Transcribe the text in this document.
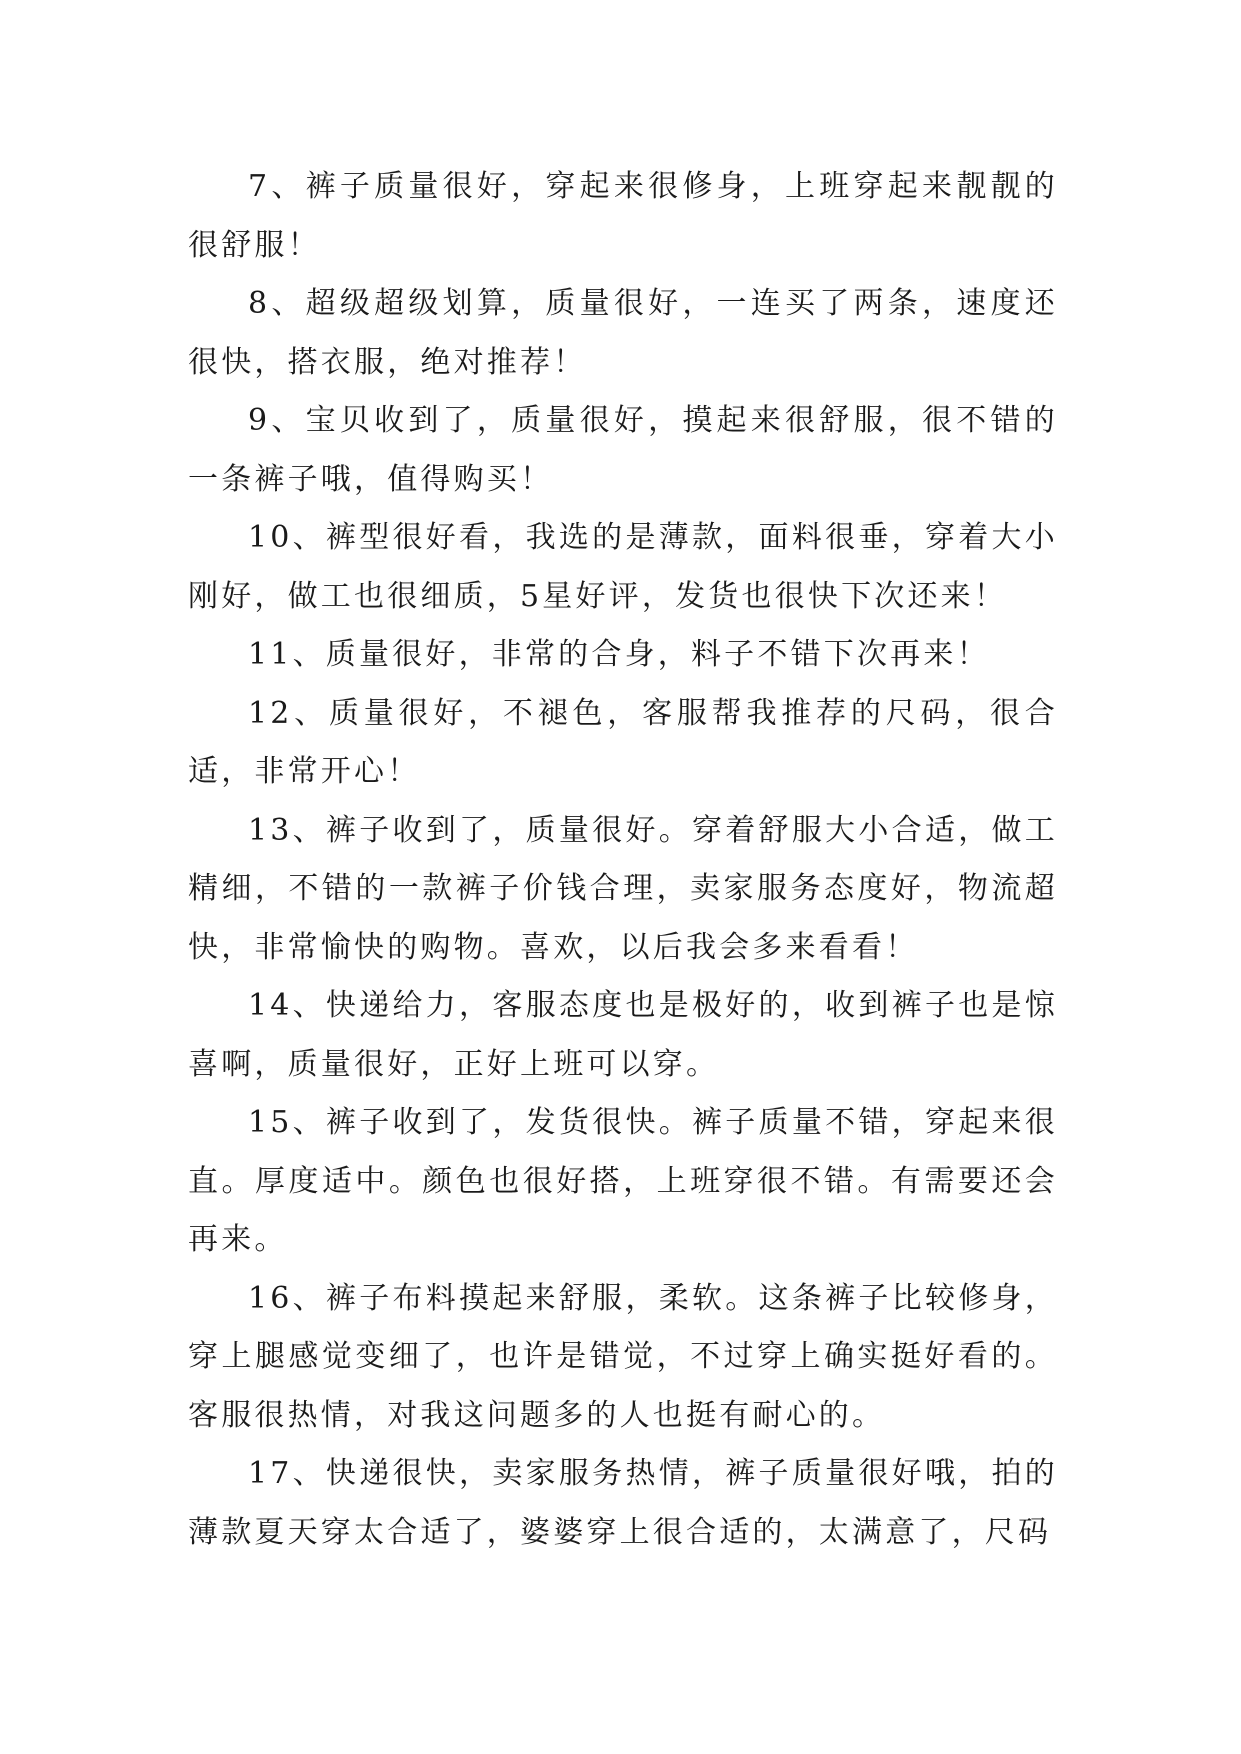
7、裤子质量很好，穿起来很修身，上班穿起来靓靓的很舒服！

8、超级超级划算，质量很好，一连买了两条，速度还很快，搭衣服，绝对推荐！

9、宝贝收到了，质量很好，摸起来很舒服，很不错的一条裤子哦，值得购买！

10、裤型很好看，我选的是薄款，面料很垂，穿着大小刚好，做工也很细质，5星好评，发货也很快下次还来！

11、质量很好，非常的合身，料子不错下次再来！

12、质量很好，不褪色，客服帮我推荐的尺码，很合适，非常开心！

13、裤子收到了，质量很好。穿着舒服大小合适，做工精细，不错的一款裤子价钱合理，卖家服务态度好，物流超快，非常愉快的购物。喜欢，以后我会多来看看！

14、快递给力，客服态度也是极好的，收到裤子也是惊喜啊，质量很好，正好上班可以穿。

15、裤子收到了，发货很快。裤子质量不错，穿起来很直。厚度适中。颜色也很好搭，上班穿很不错。有需要还会再来。

16、裤子布料摸起来舒服，柔软。这条裤子比较修身，穿上腿感觉变细了，也许是错觉，不过穿上确实挺好看的。客服很热情，对我这问题多的人也挺有耐心的。

17、快递很快，卖家服务热情，裤子质量很好哦，拍的薄款夏天穿太合适了，婆婆穿上很合适的，太满意了，尺码
